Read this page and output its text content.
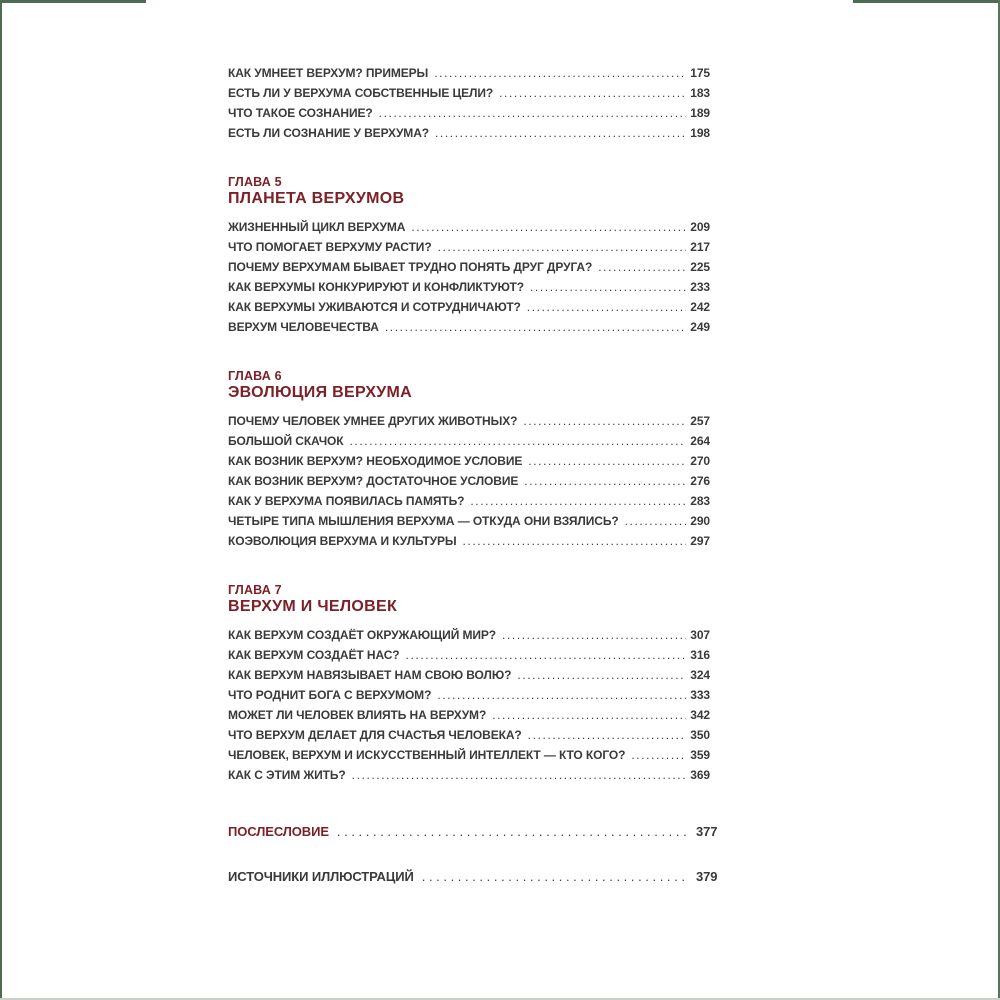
КАК УМНЕЕТ ВЕРХУМ? ПРИМЕРЫ .....	175
ЕСТЬ ЛИ У ВЕРХУМА СОБСТВЕННЫЕ ЦЕЛИ? .....	183
ЧТО ТАКОЕ СОЗНАНИЕ? .....	189
ЕСТЬ ЛИ СОЗНАНИЕ У ВЕРХУМА? .....	198
ГЛАВА 5
ПЛАНЕТА ВЕРХУМОВ
ЖИЗНЕННЫЙ ЦИКЛ ВЕРХУМА .....	209
ЧТО ПОМОГАЕТ ВЕРХУМУ РАСТИ? .....	217
ПОЧЕМУ ВЕРХУМАМ БЫВАЕТ ТРУДНО ПОНЯТЬ ДРУГ ДРУГА? .....	225
КАК ВЕРХУМЫ КОНКУРИРУЮТ И КОНФЛИКТУЮТ? .....	233
КАК ВЕРХУМЫ УЖИВАЮТСЯ И СОТРУДНИЧАЮТ? .....	242
ВЕРХУМ ЧЕЛОВЕЧЕСТВА .....	249
ГЛАВА 6
ЭВОЛЮЦИЯ ВЕРХУМА
ПОЧЕМУ ЧЕЛОВЕК УМНЕЕ ДРУГИХ ЖИВОТНЫХ? .....	257
БОЛЬШОЙ СКАЧОК .....	264
КАК ВОЗНИК ВЕРХУМ? НЕОБХОДИМОЕ УСЛОВИЕ .....	270
КАК ВОЗНИК ВЕРХУМ? ДОСТАТОЧНОЕ УСЛОВИЕ .....	276
КАК У ВЕРХУМА ПОЯВИЛАСЬ ПАМЯТЬ? .....	283
ЧЕТЫРЕ ТИПА МЫШЛЕНИЯ ВЕРХУМА — ОТКУДА ОНИ ВЗЯЛИСЬ? .....	290
КОЭВОЛЮЦИЯ ВЕРХУМА И КУЛЬТУРЫ .....	297
ГЛАВА 7
ВЕРХУМ И ЧЕЛОВЕК
КАК ВЕРХУМ СОЗДАЁТ ОКРУЖАЮЩИЙ МИР? .....	307
КАК ВЕРХУМ СОЗДАЁТ НАС? .....	316
КАК ВЕРХУМ НАВЯЗЫВАЕТ НАМ СВОЮ ВОЛЮ? .....	324
ЧТО РОДНИТ БОГА С ВЕРХУМОМ? .....	333
МОЖЕТ ЛИ ЧЕЛОВЕК ВЛИЯТЬ НА ВЕРХУМ? .....	342
ЧТО ВЕРХУМ ДЕЛАЕТ ДЛЯ СЧАСТЬЯ ЧЕЛОВЕКА? .....	350
ЧЕЛОВЕК, ВЕРХУМ И ИСКУССТВЕННЫЙ ИНТЕЛЛЕКТ — КТО КОГО? .....	359
КАК С ЭТИМ ЖИТЬ? .....	369
ПОСЛЕСЛОВИЕ .....	377
ИСТОЧНИКИ ИЛЛЮСТРАЦИЙ .....	379
